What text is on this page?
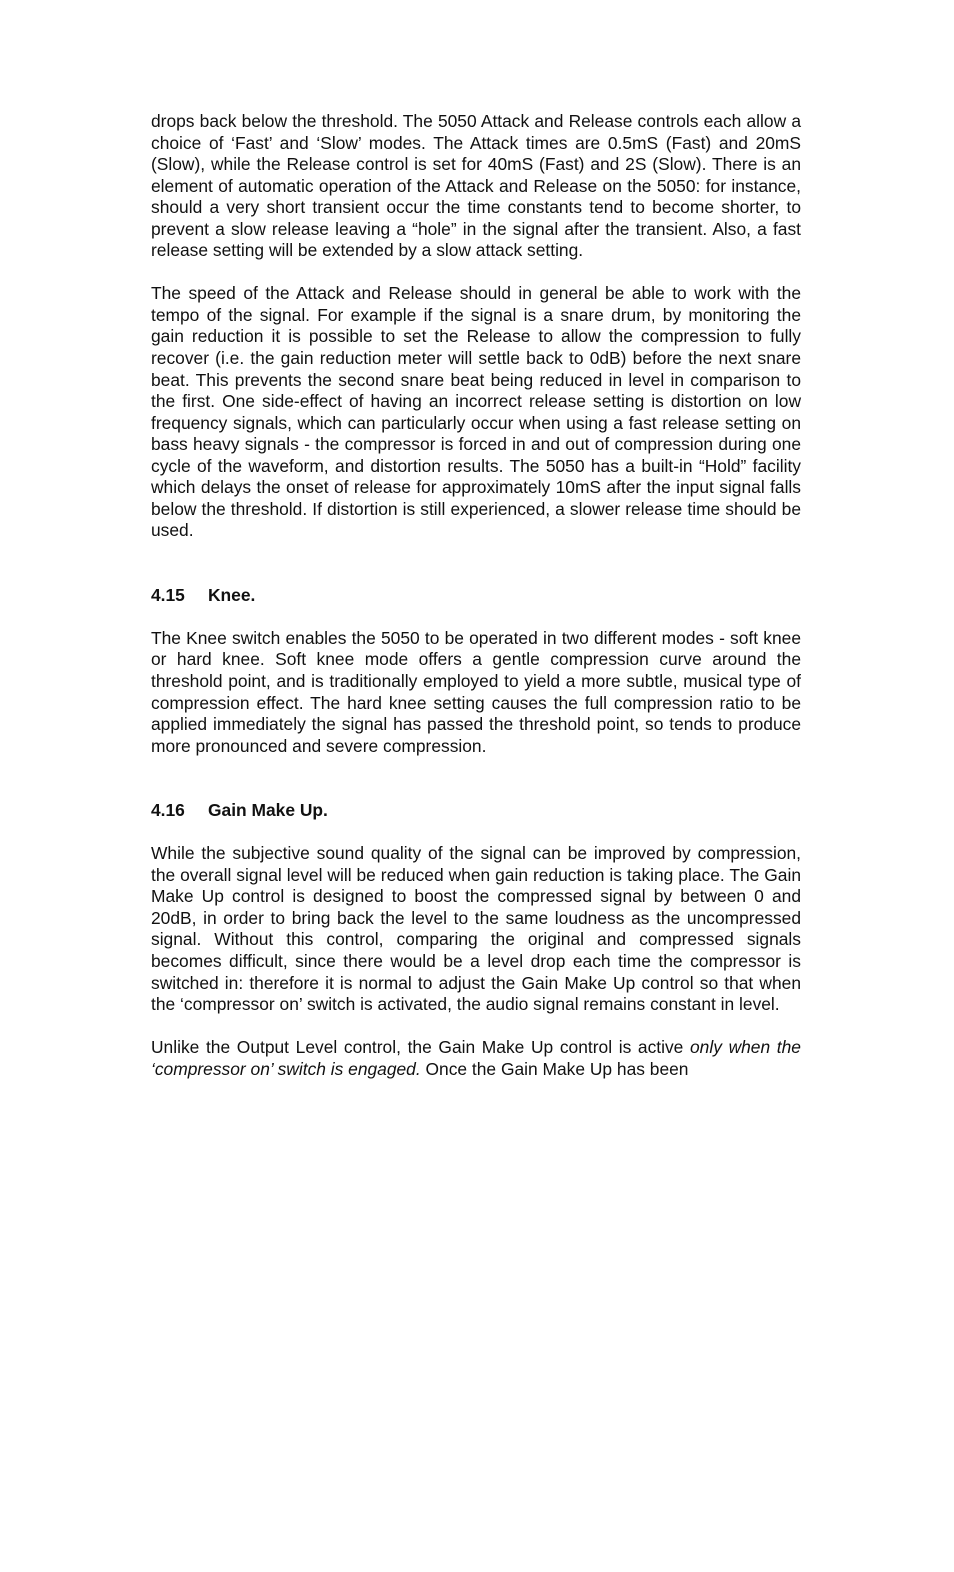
drops back below the threshold. The 5050 Attack and Release controls each allow a choice of ‘Fast’ and ‘Slow’ modes. The Attack times are 0.5mS (Fast) and 20mS (Slow), while the Release control is set for 40mS (Fast) and 2S (Slow). There is an element of automatic operation of the Attack and Release on the 5050: for instance, should a very short transient occur the time constants tend to become shorter, to prevent a slow release leaving a “hole” in the signal after the transient. Also, a fast release setting will be extended by a slow attack setting.

The speed of the Attack and Release should in general be able to work with the tempo of the signal. For example if the signal is a snare drum, by monitoring the gain reduction it is possible to set the Release to allow the compression to fully recover (i.e. the gain reduction meter will settle back to 0dB) before the next snare beat. This prevents the second snare beat being reduced in level in comparison to the first. One side-effect of having an incorrect release setting is distortion on low frequency signals, which can particularly occur when using a fast release setting on bass heavy signals - the compressor is forced in and out of compression during one cycle of the waveform, and distortion results. The 5050 has a built-in “Hold” facility which delays the onset of release for approximately 10mS after the input signal falls below the threshold. If distortion is still experienced, a slower release time should be used.

4.15 Knee.

The Knee switch enables the 5050 to be operated in two different modes - soft knee or hard knee. Soft knee mode offers a gentle compression curve around the threshold point, and is traditionally employed to yield a more subtle, musical type of compression effect. The hard knee setting causes the full compression ratio to be applied immediately the signal has passed the threshold point, so tends to produce more pronounced and severe compression.

4.16 Gain Make Up.

While the subjective sound quality of the signal can be improved by compression, the overall signal level will be reduced when gain reduction is taking place. The Gain Make Up control is designed to boost the compressed signal by between 0 and 20dB, in order to bring back the level to the same loudness as the uncompressed signal. Without this control, comparing the original and compressed signals becomes difficult, since there would be a level drop each time the compressor is switched in: therefore it is normal to adjust the Gain Make Up control so that when the ‘compressor on’ switch is activated, the audio signal remains constant in level.

Unlike the Output Level control, the Gain Make Up control is active only when the ‘compressor on’ switch is engaged. Once the Gain Make Up has been
